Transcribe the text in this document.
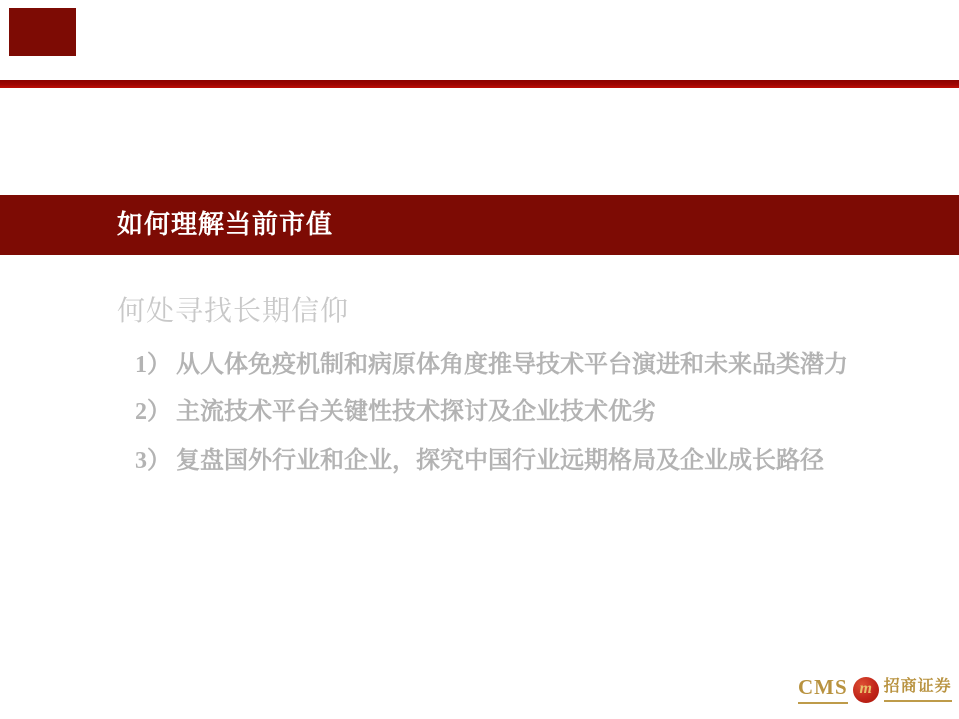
如何理解当前市值
何处寻找长期信仰
1） 从人体免疫机制和病原体角度推导技术平台演进和未来品类潜力
2） 主流技术平台关键性技术探讨及企业技术优劣
3） 复盘国外行业和企业，探究中国行业远期格局及企业成长路径
CMS m 招商证券
